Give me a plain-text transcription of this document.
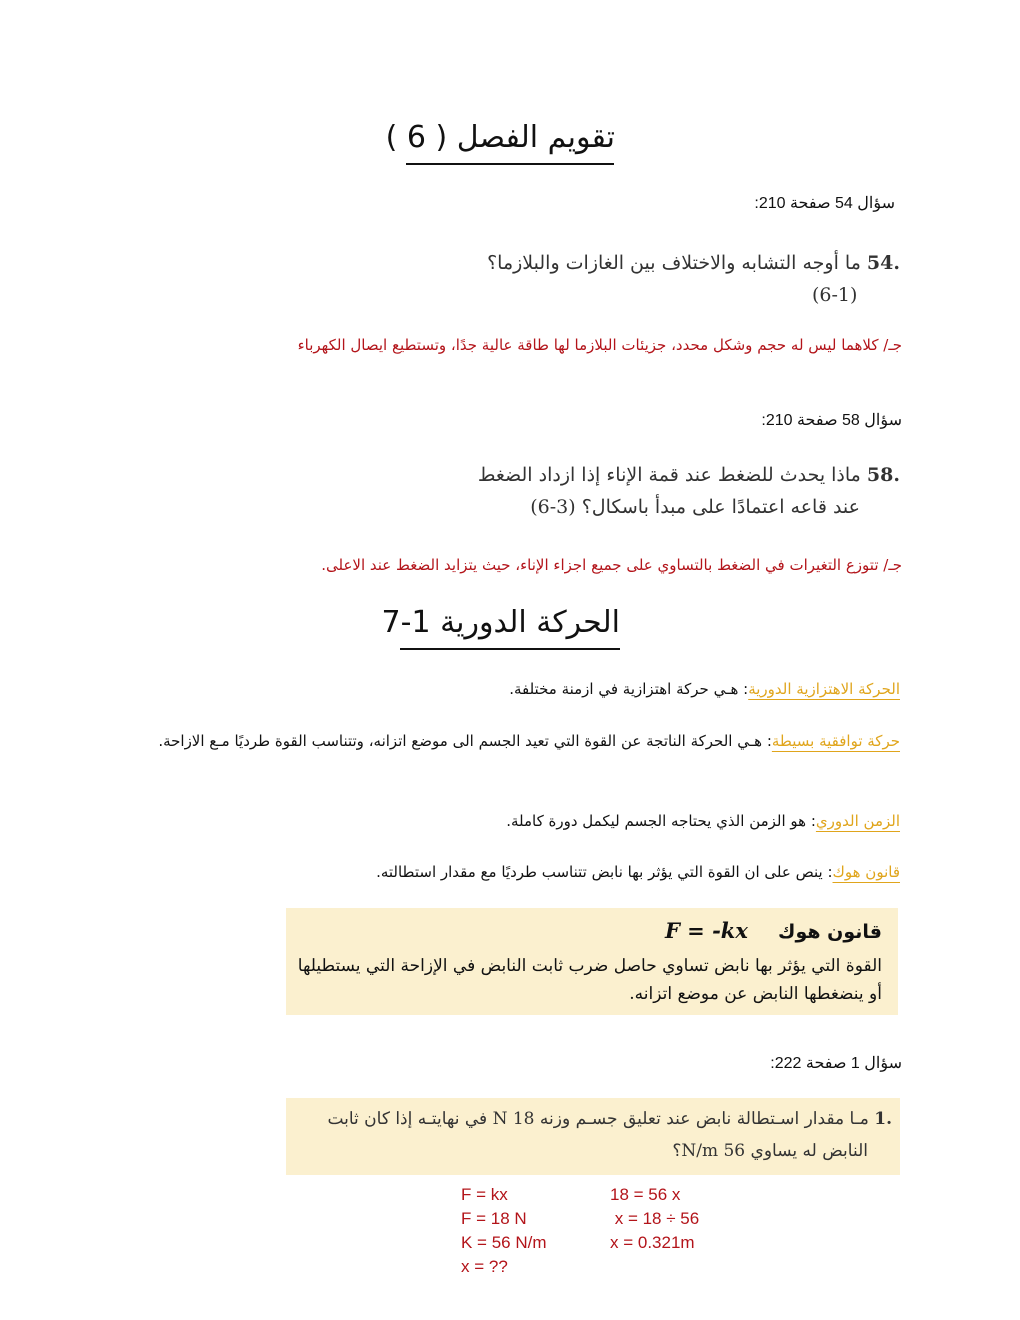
تقويم الفصل ( 6 )
سؤال 54 صفحة 210:
.54 ما أوجه التشابه والاختلاف بين الغازات والبلازما؟
(6-1)
جـ/ كلاهما ليس له حجم وشكل محدد، جزيئات البلازما لها طاقة عالية جدًا، وتستطيع ايصال الكهرباء
سؤال 58 صفحة 210:
.58 ماذا يحدث للضغط عند قمة الإناء إذا ازداد الضغط
عند قاعه اعتمادًا على مبدأ باسكال؟ (3-6)
جـ/ تتوزع التغيرات في الضغط بالتساوي على جميع اجزاء الإناء، حيث يتزايد الضغط عند الاعلى.
الحركة الدورية 1-7
الحركة الاهتزازية الدورية: هـي حركة اهتزازية في ازمنة مختلفة.
حركة توافقية بسيطة: هـي الحركة الناتجة عن القوة التي تعيد الجسم الى موضع اتزانه، وتتناسب القوة طرديًا مـع الازاحة.
الزمن الدوري: هو الزمن الذي يحتاجه الجسم ليكمل دورة كاملة.
قانون هوك: ينص على ان القوة التي يؤثر بها نابض تتناسب طرديًا مع مقدار استطالته.
قانون هوك  F = -kx
القوة التي يؤثر بها نابض تساوي حاصل ضرب ثابت النابض في الإزاحة التي يستطيلها أو ينضغطها النابض عن موضع اتزانه.
سؤال 1 صفحة 222:
.1 مـا مقدار اسـتطالة نابض عند تعليق جسـم وزنه 18 N في نهايتـه إذا كان ثابت
النابض له يساوي 56 N/m؟
F = kx
F = 18 N
K = 56 N/m
x = ??
18 = 56 x
x = 18 ÷ 56
x = 0.321m
